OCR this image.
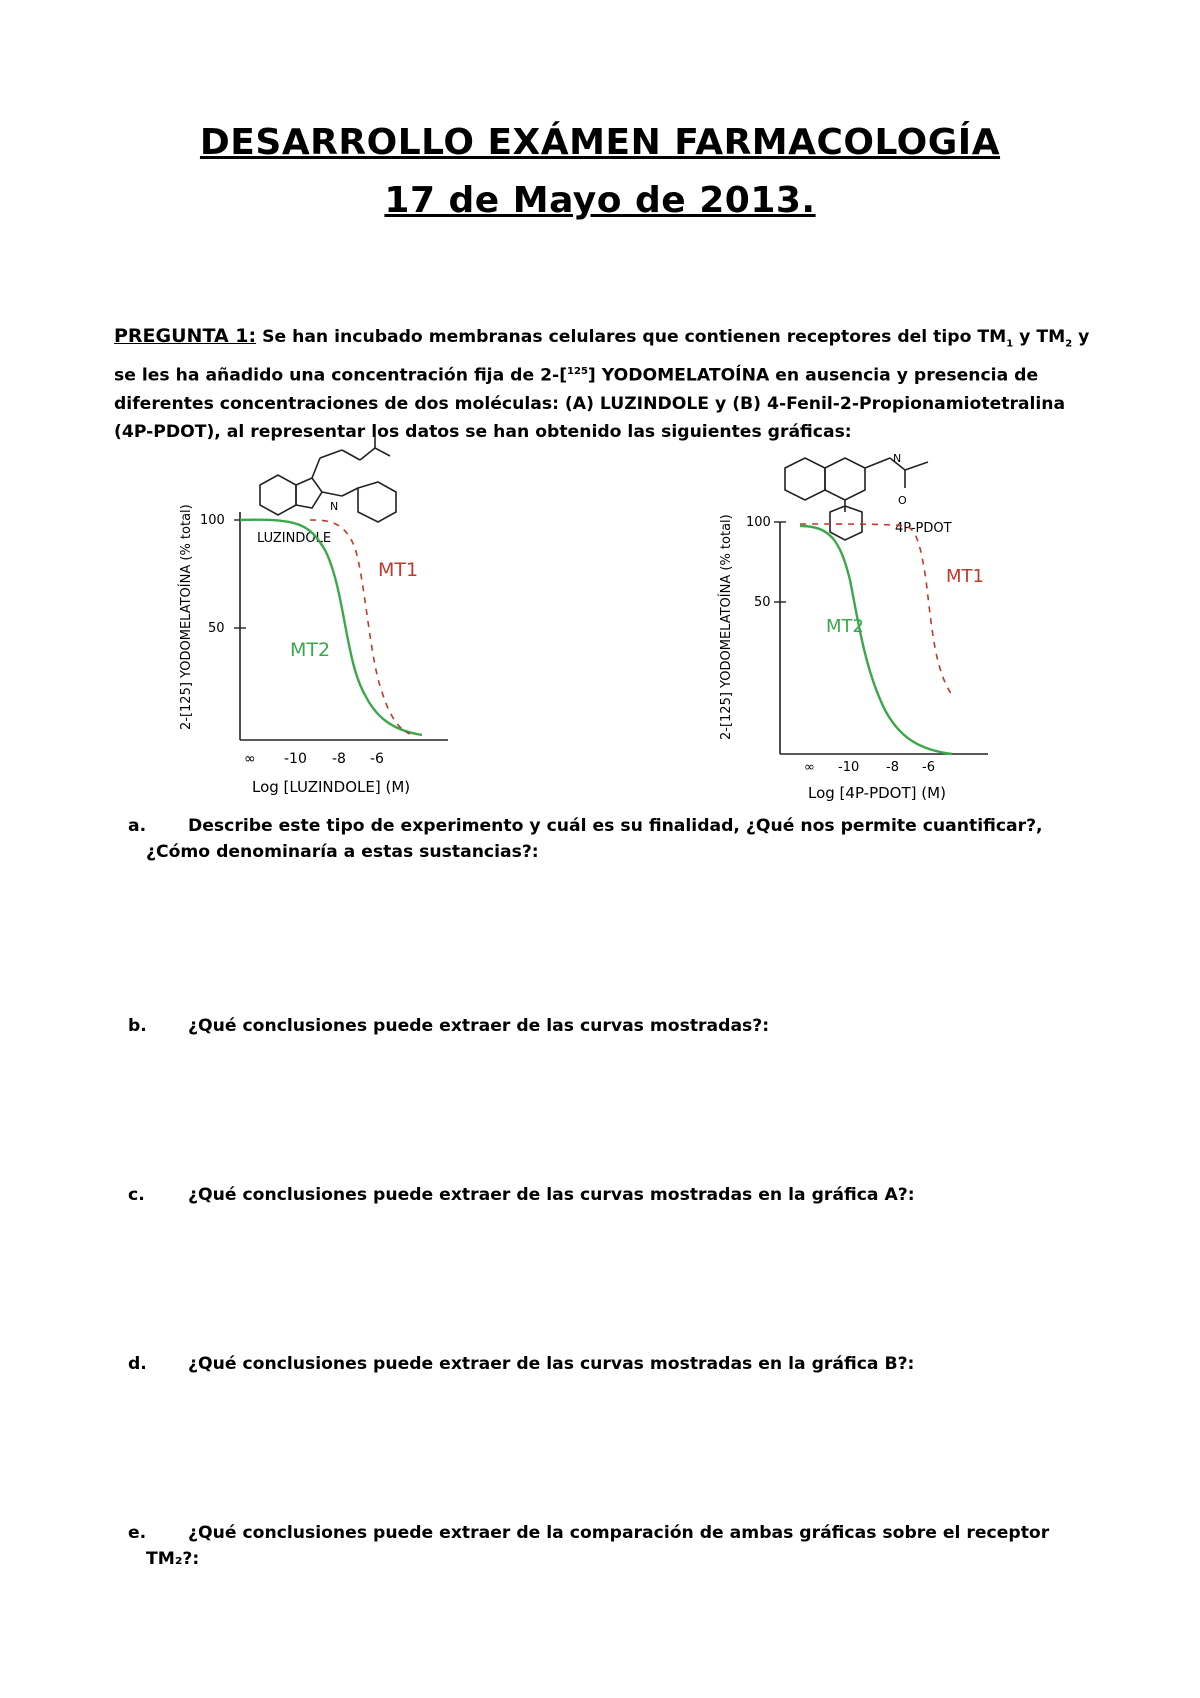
DESARROLLO EXÁMEN FARMACOLOGÍA
17 de Mayo de 2013.
PREGUNTA 1: Se han incubado membranas celulares que contienen receptores del tipo $TM_1$ y $TM_2$ y se les ha añadido una concentración fija de 2-[$^{125}$] YODOMELATOÍNA en ausencia y presencia de diferentes concentraciones de dos moléculas: (A) LUZINDOLE y (B) 4-Fenil-2-Propionamiotetralina (4P-PDOT), al representar los datos se han obtenido las siguientes gráficas:
N
LUZINDOLE
100
50
∞ -10 -8 -6
MT1
MT2
Log [LUZINDOLE] (M)
2-[125] YODOMELATOÍNA (% total)
N
O
4P-PDOT
100
50
∞ -10 -8 -6
MT1
MT2
Log [4P-PDOT] (M)
2-[125] YODOMELATOÍNA (% total)
a. Describe este tipo de experimento y cuál es su finalidad, ¿Qué nos permite cuantificar?,
¿Cómo denominaría a estas sustancias?:
b. ¿Qué conclusiones puede extraer de las curvas mostradas?:
c.	¿Qué conclusiones puede extraer de las curvas mostradas en la gráfica A?:
d. ¿Qué conclusiones puede extraer de las curvas mostradas en la gráfica B?:
e. ¿Qué conclusiones puede extraer de la comparación de ambas gráficas sobre el receptor
TM₂?:
